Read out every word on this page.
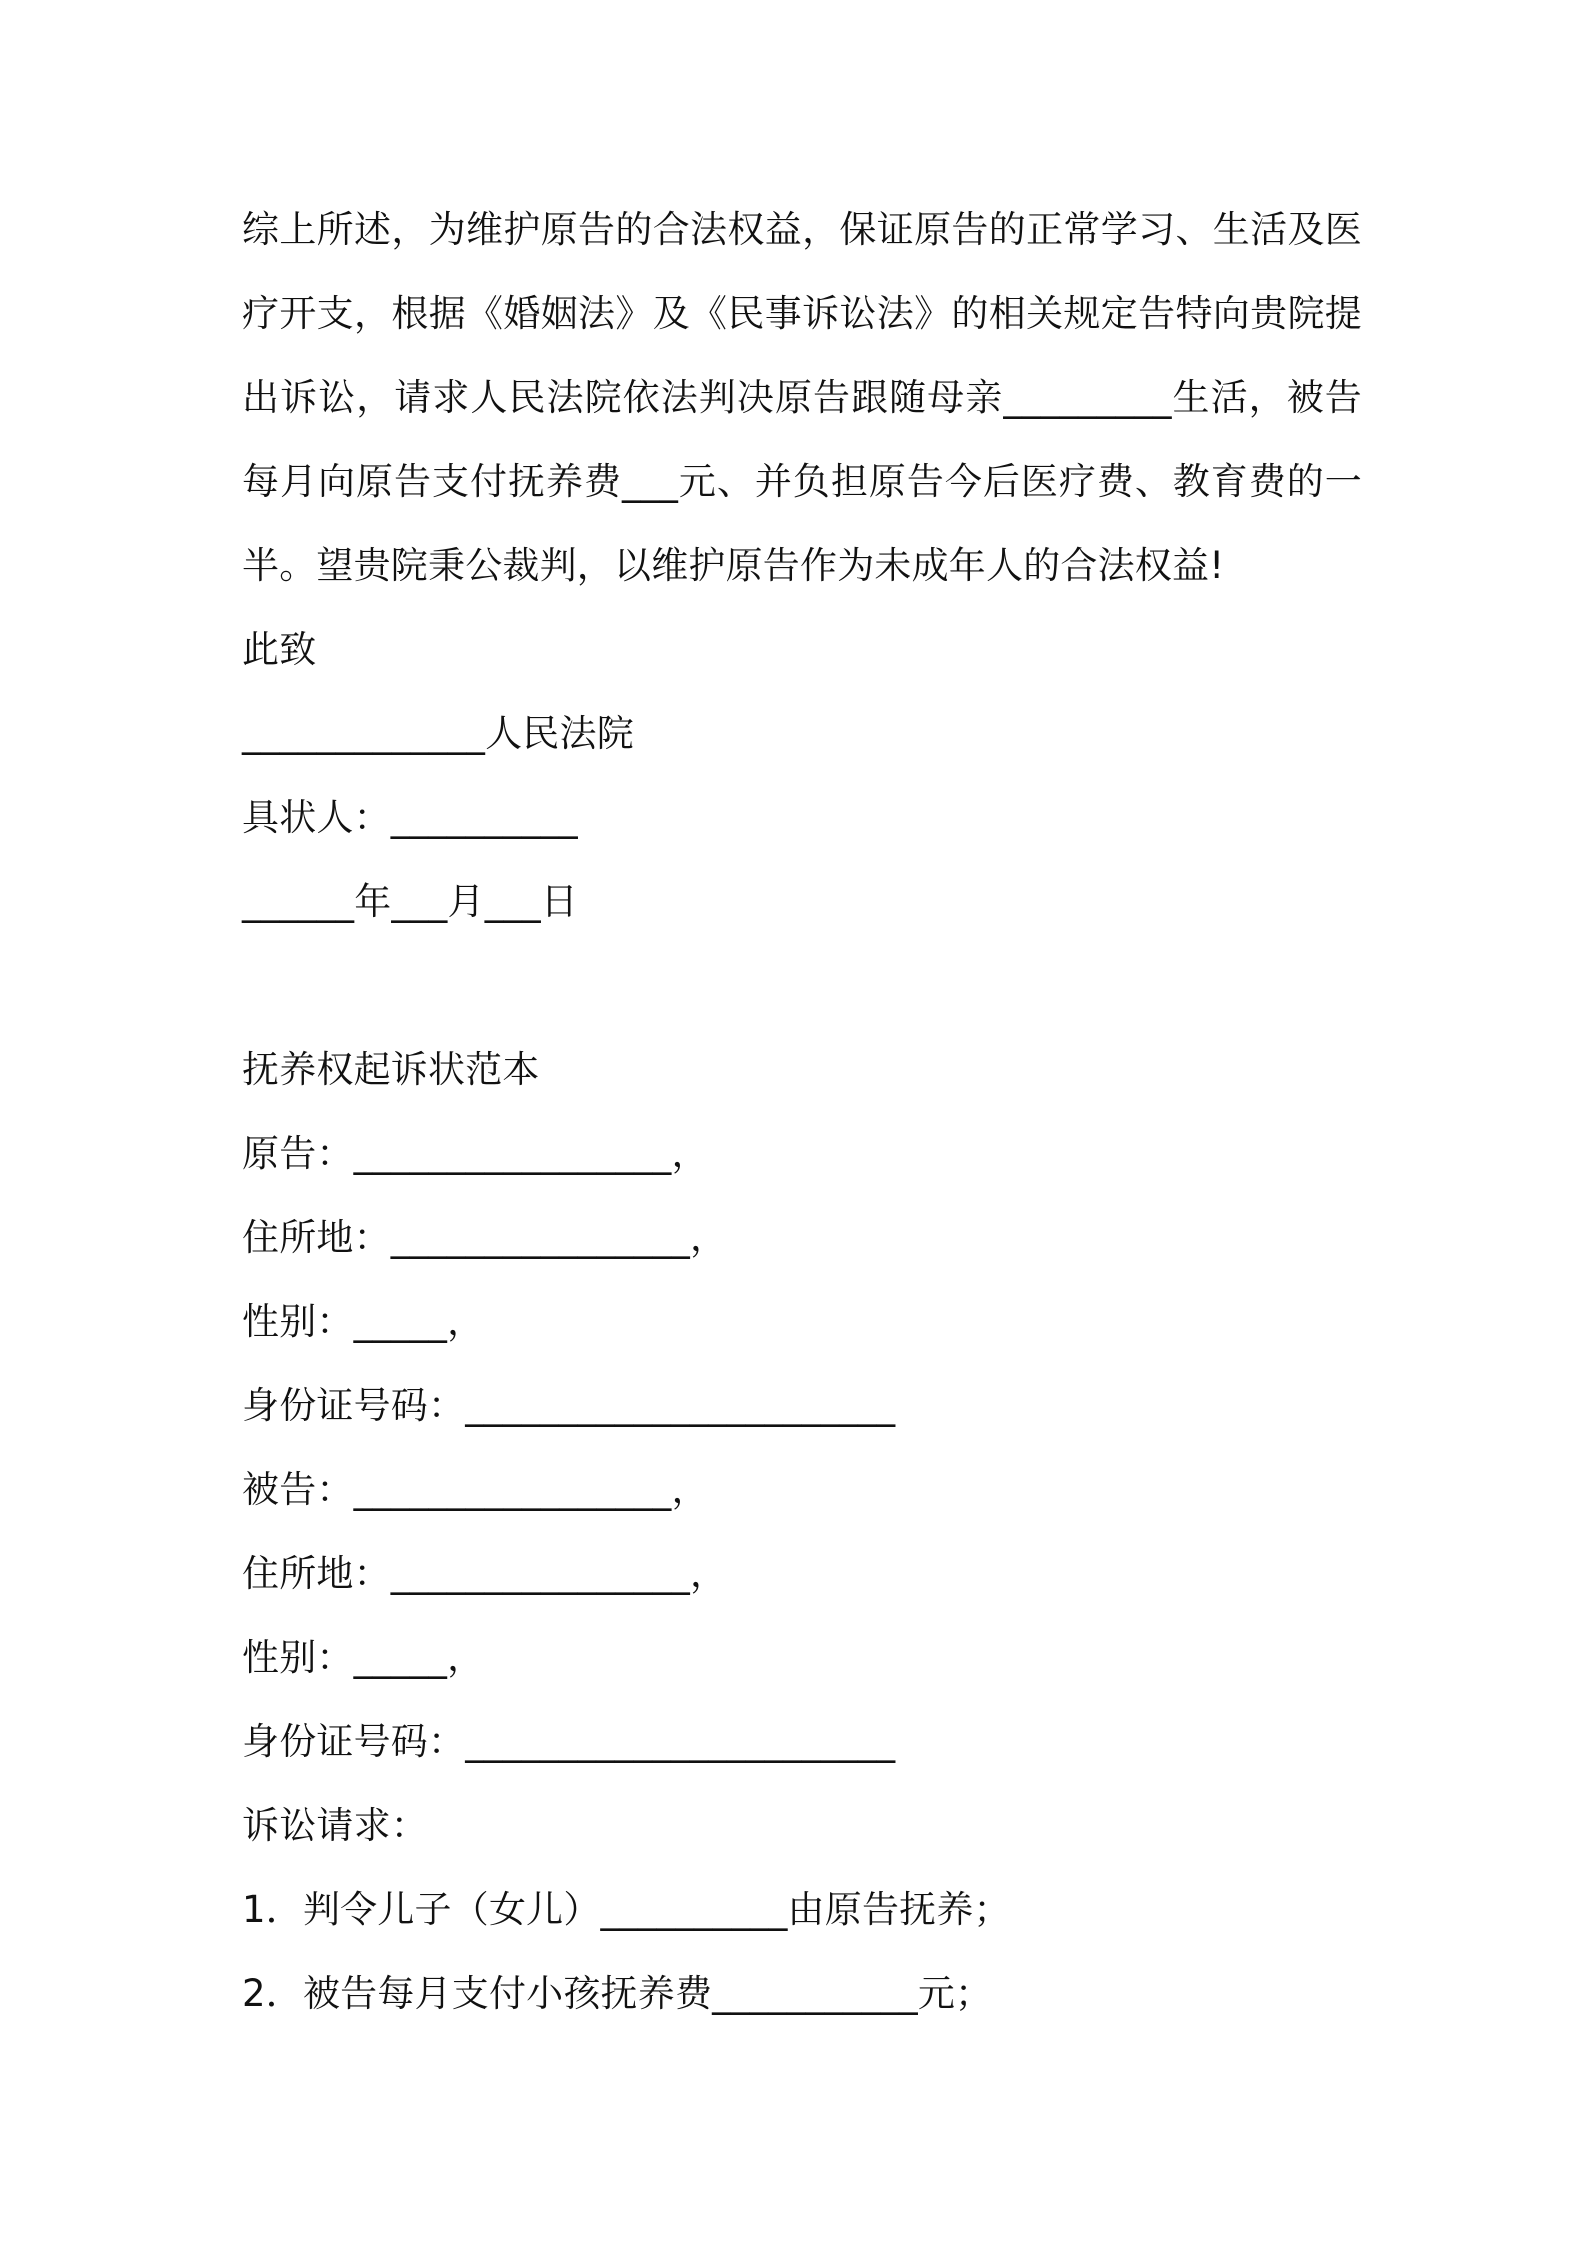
综上所述，为维护原告的合法权益，保证原告的正常学习、生活及医疗开支，根据《婚姻法》及《民事诉讼法》的相关规定告特向贵院提出诉讼，请求人民法院依法判决原告跟随母亲_________生活，被告每月向原告支付抚养费___元、并负担原告今后医疗费、教育费的一半。望贵院秉公裁判，以维护原告作为未成年人的合法权益!
此致
_____________人民法院
具状人：__________
______年___月___日
抚养权起诉状范本
原告：_________________，
住所地：________________，
性别：_____，
身份证号码：_______________________
被告：_________________，
住所地：________________，
性别：_____，
身份证号码：_______________________
诉讼请求：
1．判令儿子（女儿）__________由原告抚养；
2．被告每月支付小孩抚养费___________元；
